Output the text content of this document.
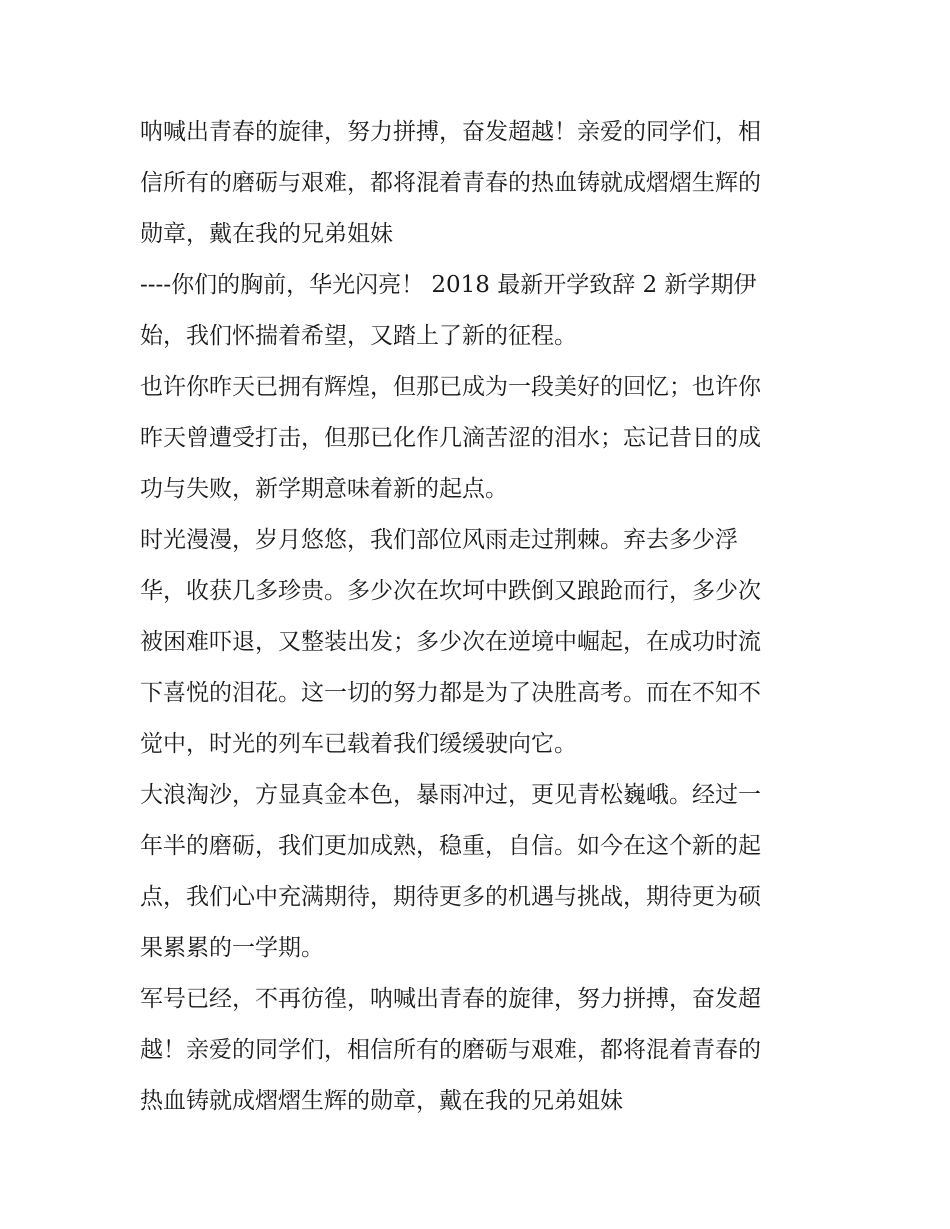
呐喊出青春的旋律，努力拼搏，奋发超越！亲爱的同学们，相
信所有的磨砺与艰难，都将混着青春的热血铸就成熠熠生辉的
勋章，戴在我的兄弟姐妹
----你们的胸前，华光闪亮！ 2018 最新开学致辞 2 新学期伊
始，我们怀揣着希望，又踏上了新的征程。
也许你昨天已拥有辉煌，但那已成为一段美好的回忆；也许你
昨天曾遭受打击，但那已化作几滴苦涩的泪水；忘记昔日的成
功与失败，新学期意味着新的起点。
时光漫漫，岁月悠悠，我们部位风雨走过荆棘。弃去多少浮
华，收获几多珍贵。多少次在坎坷中跌倒又踉跄而行，多少次
被困难吓退，又整装出发；多少次在逆境中崛起，在成功时流
下喜悦的泪花。这一切的努力都是为了决胜高考。而在不知不
觉中，时光的列车已载着我们缓缓驶向它。
大浪淘沙，方显真金本色，暴雨冲过，更见青松巍峨。经过一
年半的磨砺，我们更加成熟，稳重，自信。如今在这个新的起
点，我们心中充满期待，期待更多的机遇与挑战，期待更为硕
果累累的一学期。
军号已经，不再彷徨，呐喊出青春的旋律，努力拼搏，奋发超
越！亲爱的同学们，相信所有的磨砺与艰难，都将混着青春的
热血铸就成熠熠生辉的勋章，戴在我的兄弟姐妹
